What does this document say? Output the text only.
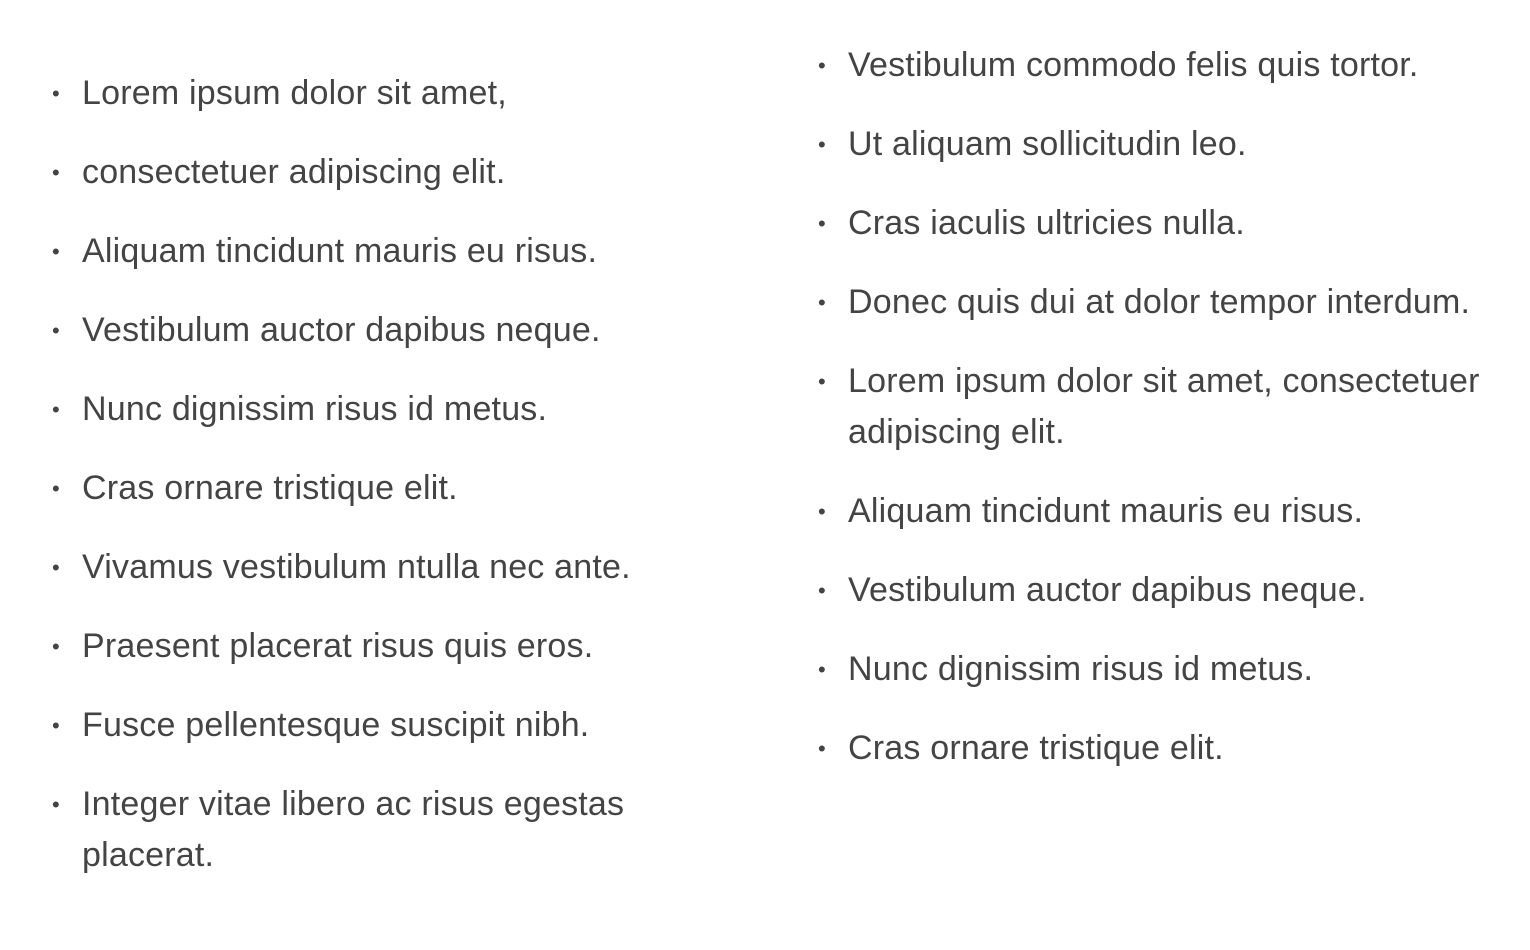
• Lorem ipsum dolor sit amet,
• consectetuer adipiscing elit.
• Aliquam tincidunt mauris eu risus.
• Vestibulum auctor dapibus neque.
• Nunc dignissim risus id metus.
• Cras ornare tristique elit.
• Vivamus vestibulum ntulla nec ante.
• Praesent placerat risus quis eros.
• Fusce pellentesque suscipit nibh.
• Integer vitae libero ac risus egestas placerat.
• Vestibulum commodo felis quis tortor.
• Ut aliquam sollicitudin leo.
• Cras iaculis ultricies nulla.
• Donec quis dui at dolor tempor interdum.
• Lorem ipsum dolor sit amet, consectetuer adipiscing elit.
• Aliquam tincidunt mauris eu risus.
• Vestibulum auctor dapibus neque.
• Nunc dignissim risus id metus.
• Cras ornare tristique elit.
